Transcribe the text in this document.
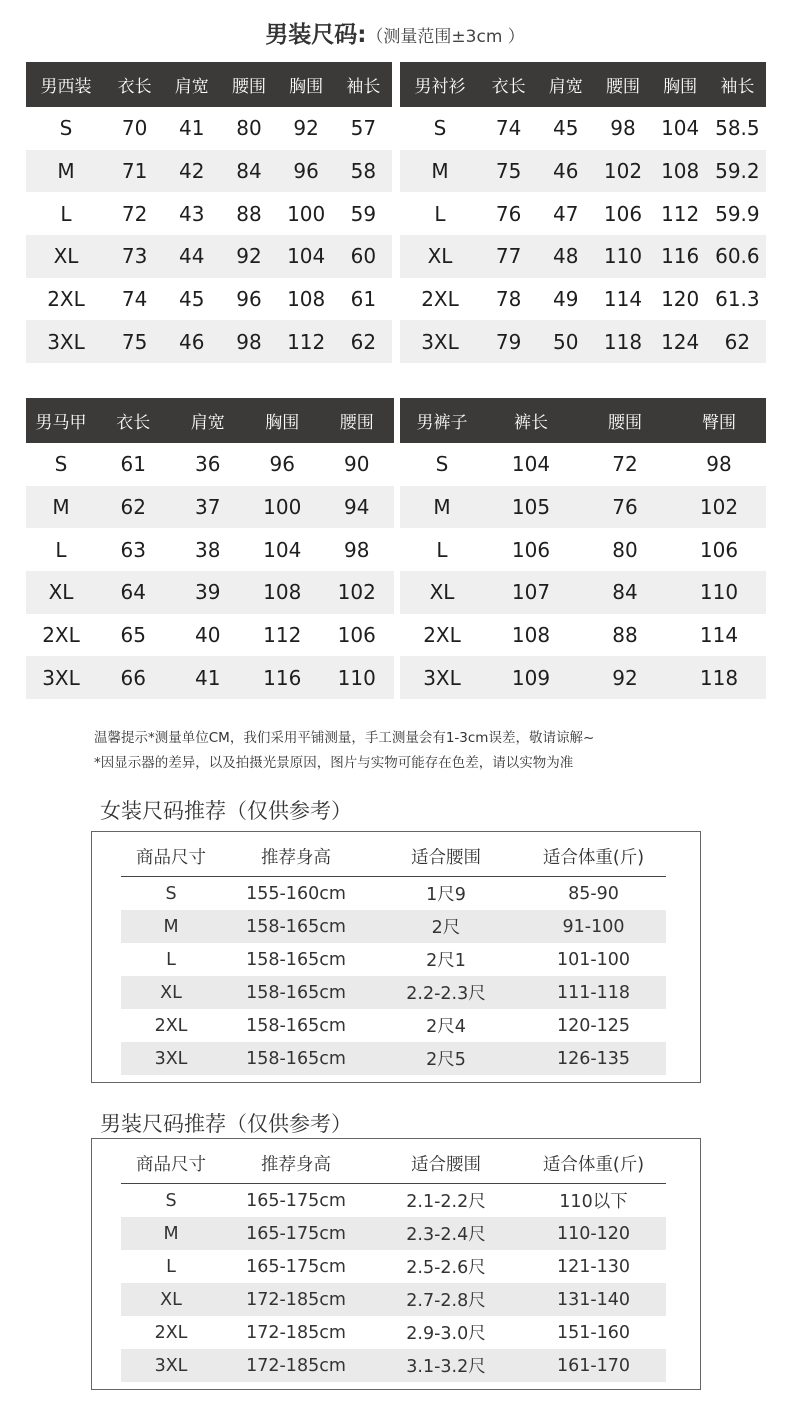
男装尺码:（测量范围±3cm ）
男西装	衣长	肩宽	腰围	胸围	袖长
S	70	41	80	92	57
M	71	42	84	96	58
L	72	43	88	100	59
XL	73	44	92	104	60
2XL	74	45	96	108	61
3XL	75	46	98	112	62
男衬衫	衣长	肩宽	腰围	胸围	袖长
S	74	45	98	104	58.5
M	75	46	102	108	59.2
L	76	47	106	112	59.9
XL	77	48	110	116	60.6
2XL	78	49	114	120	61.3
3XL	79	50	118	124	62
男马甲	衣长	肩宽	胸围	腰围
S	61	36	96	90
M	62	37	100	94
L	63	38	104	98
XL	64	39	108	102
2XL	65	40	112	106
3XL	66	41	116	110
男裤子	裤长	腰围	臀围
S	104	72	98
M	105	76	102
L	106	80	106
XL	107	84	110
2XL	108	88	114
3XL	109	92	118
温馨提示*测量单位CM，我们采用平铺测量，手工测量会有1-3cm误差，敬请谅解~
*因显示器的差异，以及拍摄光景原因，图片与实物可能存在色差，请以实物为准
女装尺码推荐（仅供参考）
商品尺寸	推荐身高	适合腰围	适合体重(斤)
S	155-160cm	1尺9	85-90
M	158-165cm	2尺	91-100
L	158-165cm	2尺1	101-100
XL	158-165cm	2.2-2.3尺	111-118
2XL	158-165cm	2尺4	120-125
3XL	158-165cm	2尺5	126-135
男装尺码推荐（仅供参考）
商品尺寸	推荐身高	适合腰围	适合体重(斤)
S	165-175cm	2.1-2.2尺	110以下
M	165-175cm	2.3-2.4尺	110-120
L	165-175cm	2.5-2.6尺	121-130
XL	172-185cm	2.7-2.8尺	131-140
2XL	172-185cm	2.9-3.0尺	151-160
3XL	172-185cm	3.1-3.2尺	161-170
